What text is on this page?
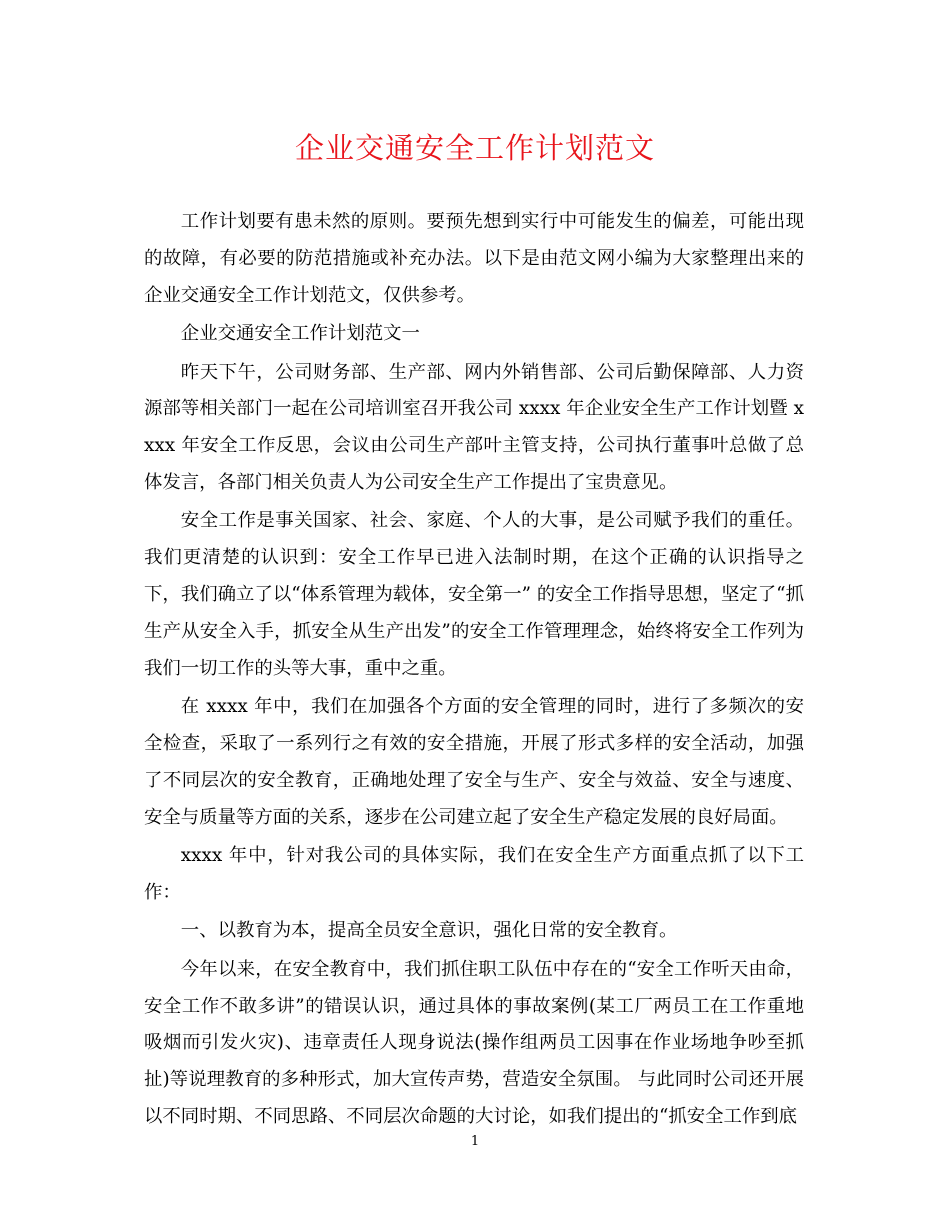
企业交通安全工作计划范文

工作计划要有患未然的原则。要预先想到实行中可能发生的偏差，可能出现的故障，有必要的防范措施或补充办法。以下是由范文网小编为大家整理出来的企业交通安全工作计划范文，仅供参考。

企业交通安全工作计划范文一

昨天下午，公司财务部、生产部、网内外销售部、公司后勤保障部、人力资源部等相关部门一起在公司培训室召开我公司 xxxx 年企业安全生产工作计划暨 xxxx 年安全工作反思，会议由公司生产部叶主管支持，公司执行董事叶总做了总体发言，各部门相关负责人为公司安全生产工作提出了宝贵意见。

安全工作是事关国家、社会、家庭、个人的大事，是公司赋予我们的重任。我们更清楚的认识到：安全工作早已进入法制时期，在这个正确的认识指导之下，我们确立了以“体系管理为载体，安全第一” 的安全工作指导思想，坚定了“抓生产从安全入手，抓安全从生产出发”的安全工作管理理念，始终将安全工作列为我们一切工作的头等大事，重中之重。

在 xxxx 年中，我们在加强各个方面的安全管理的同时，进行了多频次的安全检查，采取了一系列行之有效的安全措施，开展了形式多样的安全活动，加强了不同层次的安全教育，正确地处理了安全与生产、安全与效益、安全与速度、安全与质量等方面的关系，逐步在公司建立起了安全生产稳定发展的良好局面。

xxxx 年中，针对我公司的具体实际，我们在安全生产方面重点抓了以下工作：

一、以教育为本，提高全员安全意识，强化日常的安全教育。

今年以来，在安全教育中，我们抓住职工队伍中存在的“安全工作听天由命，安全工作不敢多讲”的错误认识，通过具体的事故案例(某工厂两员工在工作重地吸烟而引发火灾)、违章责任人现身说法(操作组两员工因事在作业场地争吵至抓扯)等说理教育的多种形式，加大宣传声势，营造安全氛围。 与此同时公司还开展以不同时期、不同思路、不同层次命题的大讨论，如我们提出的“抓安全工作到底

1
